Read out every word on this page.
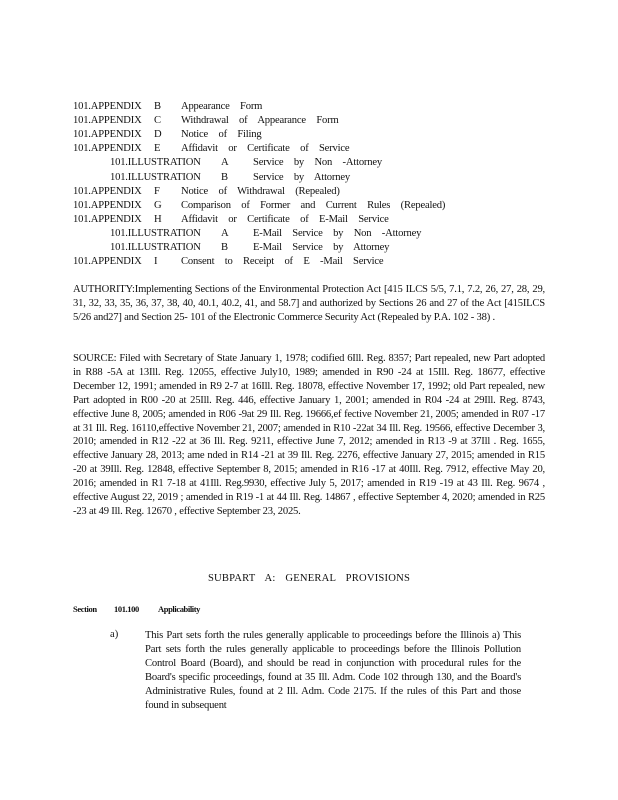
101.APPENDIX B Appearance Form
101.APPENDIX C Withdrawal of Appearance Form
101.APPENDIX D Notice of Filing
101.APPENDIX E Affidavit or Certificate of Service
101.ILLUSTRATION A Service by Non -Attorney
101.ILLUSTRATION B Service by Attorney
101.APPENDIX F Notice of Withdrawal (Repealed)
101.APPENDIX G Comparison of Former and Current Rules (Repealed)
101.APPENDIX H Affidavit or Certificate of E-Mail Service
101.ILLUSTRATION A E-Mail Service by Non -Attorney
101.ILLUSTRATION B E-Mail Service by Attorney
101.APPENDIX I Consent to Receipt of E -Mail Service
AUTHORITY:Implementing Sections of the Environmental Protection Act [415 ILCS 5/5, 7.1, 7.2, 26, 27, 28, 29, 31, 32, 33, 35, 36, 37, 38, 40, 40.1, 40.2, 41, and 58.7] and authorized by Sections 26 and 27 of the Act [415ILCS 5/26 and27] and Section 25- 101 of the Electronic Commerce Security Act (Repealed by P.A. 102 - 38) .
SOURCE: Filed with Secretary of State January 1, 1978; codified 6Ill. Reg. 8357; Part repealed, new Part adopted in R88 -5A at 13Ill. Reg. 12055, effective July10, 1989; amended in R90 -24 at 15Ill. Reg. 18677, effective December 12, 1991; amended in R9 2-7 at 16Ill. Reg. 18078, effective November 17, 1992; old Part repealed, new Part adopted in R00 -20 at 25Ill. Reg. 446, effective January 1, 2001; amended in R04 -24 at 29Ill. Reg. 8743, effective June 8, 2005; amended in R06 -9at 29 Ill. Reg. 19666,ef fective November 21, 2005; amended in R07 -17 at 31 Ill. Reg. 16110,effective November 21, 2007; amended in R10 -22at 34 Ill. Reg. 19566, effective December 3, 2010; amended in R12 -22 at 36 Ill. Reg. 9211, effective June 7, 2012; amended in R13 -9 at 37Ill . Reg. 1655, effective January 28, 2013; ame nded in R14 -21 at 39 Ill. Reg. 2276, effective January 27, 2015; amended in R15 -20 at 39Ill. Reg. 12848, effective September 8, 2015; amended in R16 -17 at 40Ill. Reg. 7912, effective May 20, 2016; amended in R1 7-18 at 41Ill. Reg.9930, effective July 5, 2017; amended in R19 -19 at 43 Ill. Reg. 9674 , effective August 22, 2019 ; amended in R19 -1 at 44 Ill. Reg. 14867 , effective September 4, 2020; amended in R25 -23 at 49 Ill. Reg. 12670 , effective September 23, 2025.
SUBPART A: GENERAL PROVISIONS
Section 101.100 Applicability
a)	This Part sets forth the rules generally applicable to proceedings before the Illinois a) This Part sets forth the rules generally applicable to proceedings before the Illinois Pollution Control Board (Board), and should be read in conjunction with procedural rules for the Board's specific proceedings, found at 35 Ill. Adm. Code 102 through 130, and the Board's Administrative Rules, found at 2 Ill. Adm. Code 2175. If the rules of this Part and those found in subsequent
